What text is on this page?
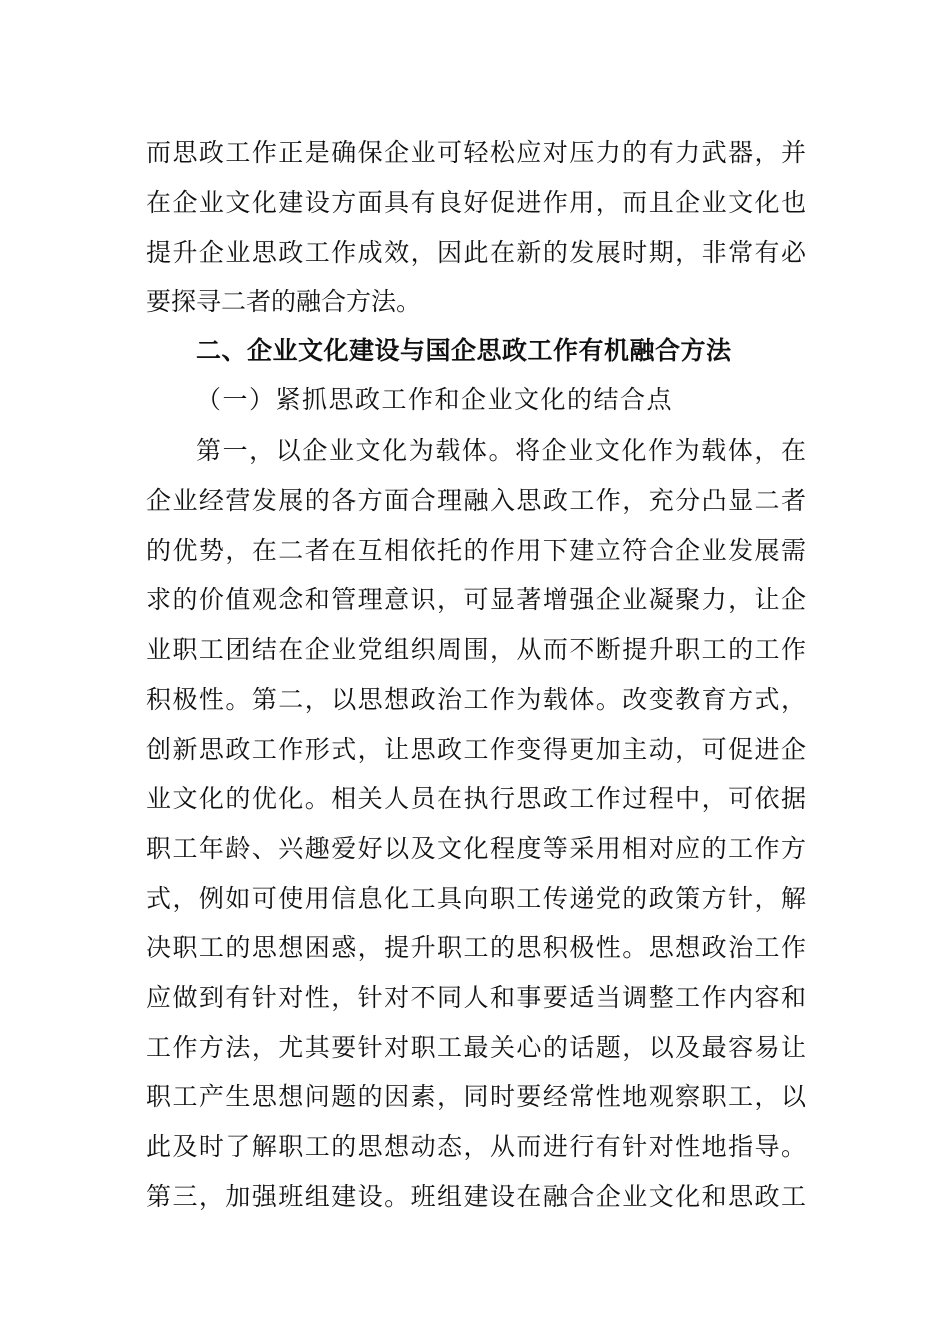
而思政工作正是确保企业可轻松应对压力的有力武器，并
在企业文化建设方面具有良好促进作用，而且企业文化也
提升企业思政工作成效，因此在新的发展时期，非常有必
要探寻二者的融合方法。
二、企业文化建设与国企思政工作有机融合方法
（一）紧抓思政工作和企业文化的结合点
第一，以企业文化为载体。将企业文化作为载体，在
企业经营发展的各方面合理融入思政工作，充分凸显二者
的优势，在二者在互相依托的作用下建立符合企业发展需
求的价值观念和管理意识，可显著增强企业凝聚力，让企
业职工团结在企业党组织周围，从而不断提升职工的工作
积极性。第二，以思想政治工作为载体。改变教育方式，
创新思政工作形式，让思政工作变得更加主动，可促进企
业文化的优化。相关人员在执行思政工作过程中，可依据
职工年龄、兴趣爱好以及文化程度等采用相对应的工作方
式，例如可使用信息化工具向职工传递党的政策方针，解
决职工的思想困惑，提升职工的思积极性。思想政治工作
应做到有针对性，针对不同人和事要适当调整工作内容和
工作方法，尤其要针对职工最关心的话题，以及最容易让
职工产生思想问题的因素，同时要经常性地观察职工，以
此及时了解职工的思想动态，从而进行有针对性地指导。
第三，加强班组建设。班组建设在融合企业文化和思政工
